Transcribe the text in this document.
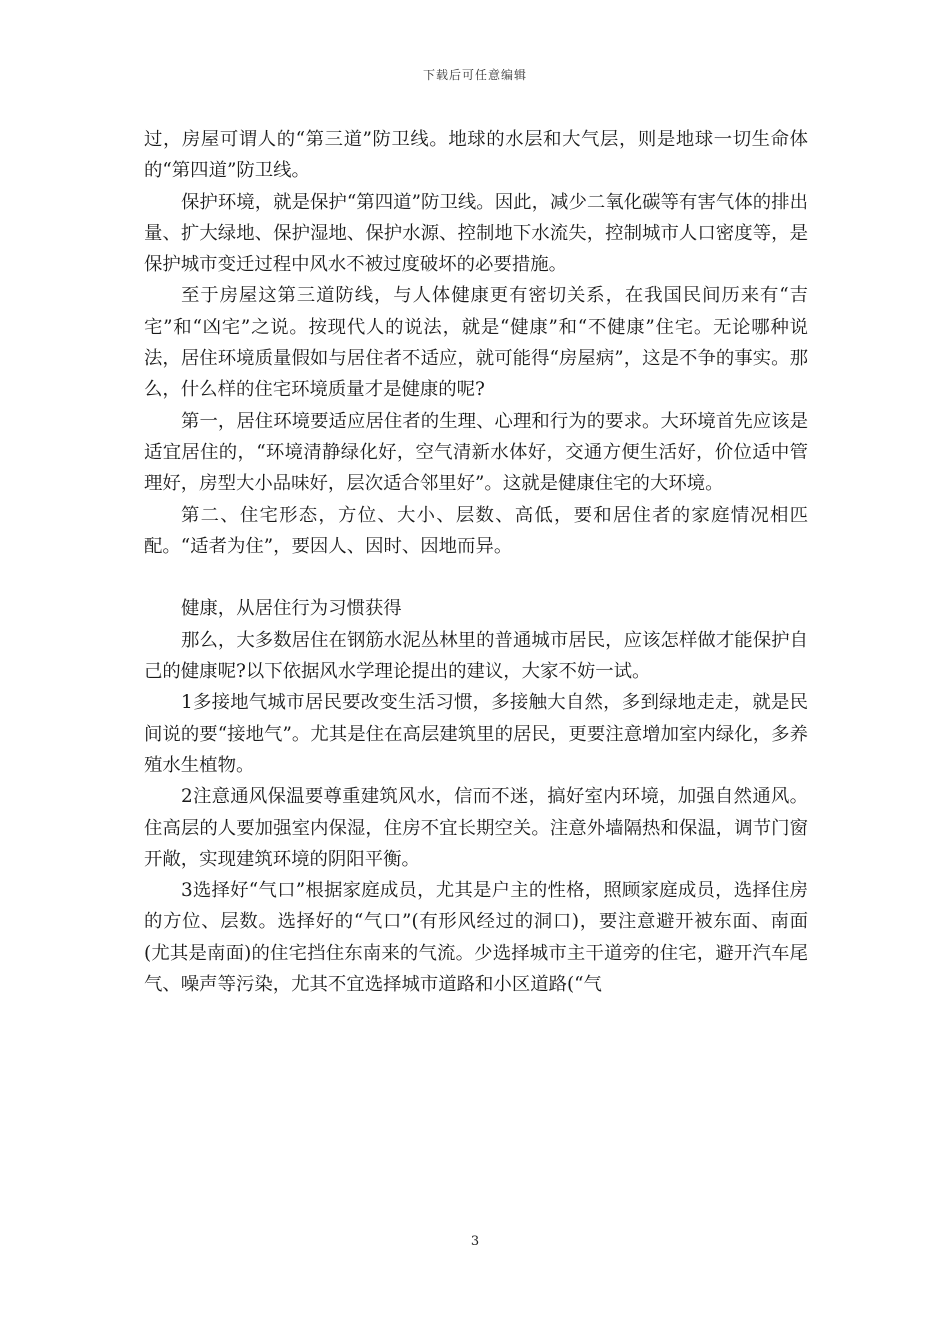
下载后可任意编辑

过，房屋可谓人的“第三道”防卫线。地球的水层和大气层，则是地球一切生命体的“第四道”防卫线。

保护环境，就是保护“第四道”防卫线。因此，减少二氧化碳等有害气体的排出量、扩大绿地、保护湿地、保护水源、控制地下水流失，控制城市人口密度等，是保护城市变迁过程中风水不被过度破坏的必要措施。

至于房屋这第三道防线，与人体健康更有密切关系，在我国民间历来有“吉宅”和“凶宅”之说。按现代人的说法，就是“健康”和“不健康”住宅。无论哪种说法，居住环境质量假如与居住者不适应，就可能得“房屋病”，这是不争的事实。那么，什么样的住宅环境质量才是健康的呢?

第一，居住环境要适应居住者的生理、心理和行为的要求。大环境首先应该是适宜居住的，“环境清静绿化好，空气清新水体好，交通方便生活好，价位适中管理好，房型大小品味好，层次适合邻里好”。这就是健康住宅的大环境。

第二、住宅形态，方位、大小、层数、高低，要和居住者的家庭情况相匹配。“适者为住”，要因人、因时、因地而异。

健康，从居住行为习惯获得

那么，大多数居住在钢筋水泥丛林里的普通城市居民，应该怎样做才能保护自己的健康呢?以下依据风水学理论提出的建议，大家不妨一试。

1多接地气城市居民要改变生活习惯，多接触大自然，多到绿地走走，就是民间说的要“接地气”。尤其是住在高层建筑里的居民，更要注意增加室内绿化，多养殖水生植物。

2注意通风保温要尊重建筑风水，信而不迷，搞好室内环境，加强自然通风。住高层的人要加强室内保湿，住房不宜长期空关。注意外墙隔热和保温，调节门窗开敞，实现建筑环境的阴阳平衡。

3选择好“气口”根据家庭成员，尤其是户主的性格，照顾家庭成员，选择住房的方位、层数。选择好的“气口”(有形风经过的洞口)，要注意避开被东面、南面(尤其是南面)的住宅挡住东南来的气流。少选择城市主干道旁的住宅，避开汽车尾气、噪声等污染，尤其不宜选择城市道路和小区道路(“气

3
